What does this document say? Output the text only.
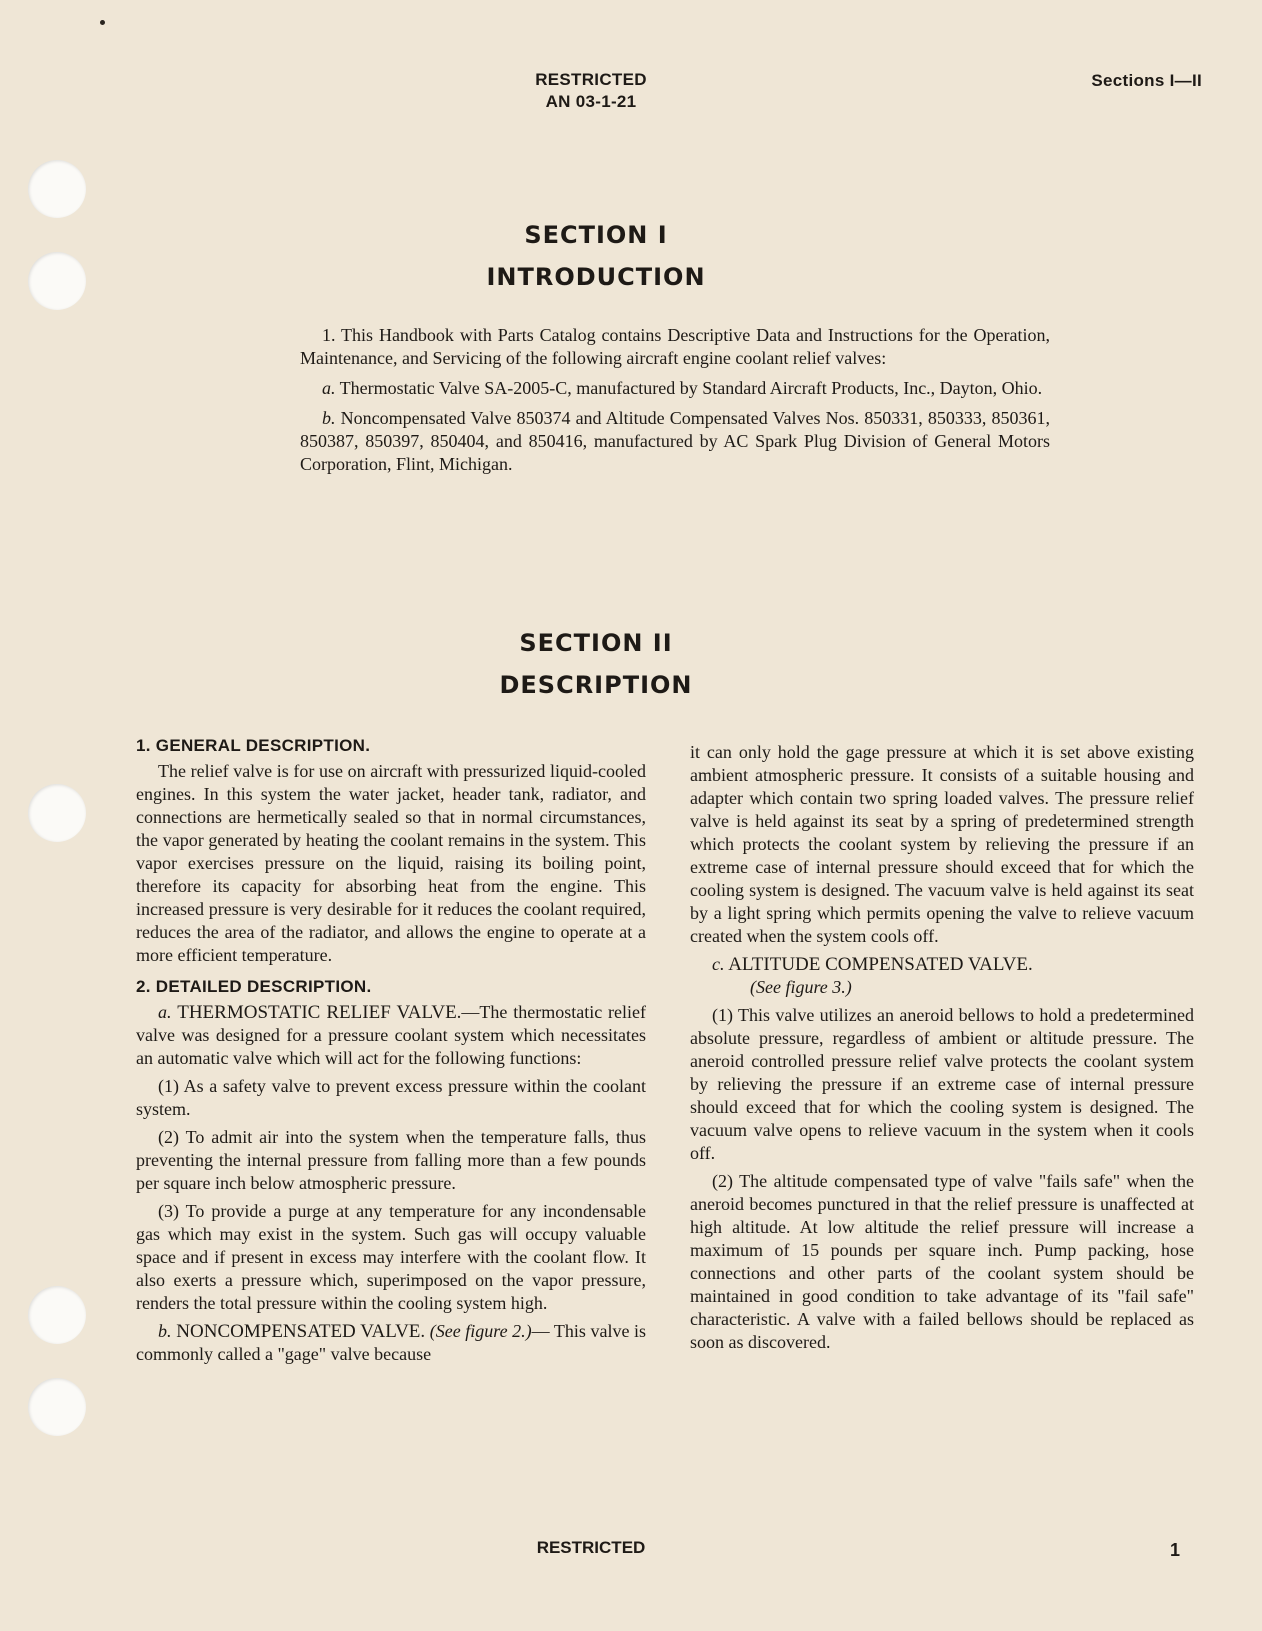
RESTRICTED
AN 03-1-21
Sections I—II
SECTION I
INTRODUCTION

1. This Handbook with Parts Catalog contains Descriptive Data and Instructions for the Operation, Maintenance, and Servicing of the following aircraft engine coolant relief valves:

a. Thermostatic Valve SA-2005-C, manufactured by Standard Aircraft Products, Inc., Dayton, Ohio.

b. Noncompensated Valve 850374 and Altitude Compensated Valves Nos. 850331, 850333, 850361, 850387, 850397, 850404, and 850416, manufactured by AC Spark Plug Division of General Motors Corporation, Flint, Michigan.

SECTION II
DESCRIPTION

1. GENERAL DESCRIPTION.

The relief valve is for use on aircraft with pressurized liquid-cooled engines. In this system the water jacket, header tank, radiator, and connections are hermetically sealed so that in normal circumstances, the vapor generated by heating the coolant remains in the system. This vapor exercises pressure on the liquid, raising its boiling point, therefore its capacity for absorbing heat from the engine. This increased pressure is very desirable for it reduces the coolant required, reduces the area of the radiator, and allows the engine to operate at a more efficient temperature.

2. DETAILED DESCRIPTION.

a. THERMOSTATIC RELIEF VALVE.—The thermostatic relief valve was designed for a pressure coolant system which necessitates an automatic valve which will act for the following functions:

(1) As a safety valve to prevent excess pressure within the coolant system.

(2) To admit air into the system when the temperature falls, thus preventing the internal pressure from falling more than a few pounds per square inch below atmospheric pressure.

(3) To provide a purge at any temperature for any incondensable gas which may exist in the system. Such gas will occupy valuable space and if present in excess may interfere with the coolant flow. It also exerts a pressure which, superimposed on the vapor pressure, renders the total pressure within the cooling system high.

b. NONCOMPENSATED VALVE. (See figure 2.)— This valve is commonly called a "gage" valve because

it can only hold the gage pressure at which it is set above existing ambient atmospheric pressure. It consists of a suitable housing and adapter which contain two spring loaded valves. The pressure relief valve is held against its seat by a spring of predetermined strength which protects the coolant system by relieving the pressure if an extreme case of internal pressure should exceed that for which the cooling system is designed. The vacuum valve is held against its seat by a light spring which permits opening the valve to relieve vacuum created when the system cools off.

c. ALTITUDE COMPENSATED VALVE.

(See figure 3.)

(1) This valve utilizes an aneroid bellows to hold a predetermined absolute pressure, regardless of ambient or altitude pressure. The aneroid controlled pressure relief valve protects the coolant system by relieving the pressure if an extreme case of internal pressure should exceed that for which the cooling system is designed. The vacuum valve opens to relieve vacuum in the system when it cools off.

(2) The altitude compensated type of valve "fails safe" when the aneroid becomes punctured in that the relief pressure is unaffected at high altitude. At low altitude the relief pressure will increase a maximum of 15 pounds per square inch. Pump packing, hose connections and other parts of the coolant system should be maintained in good condition to take advantage of its "fail safe" characteristic. A valve with a failed bellows should be replaced as soon as discovered.

RESTRICTED	1
